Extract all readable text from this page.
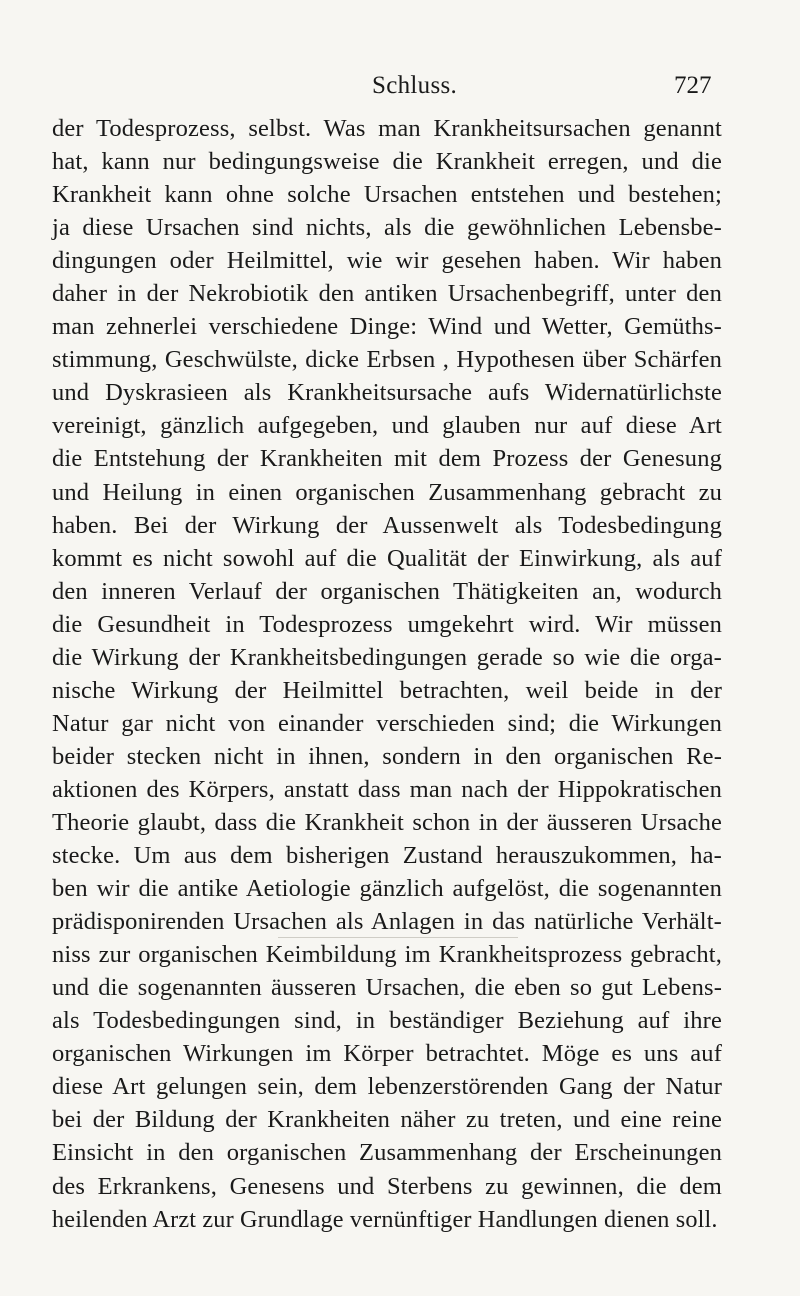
Schluss.	727
der Todesprozess, selbst. Was man Krankheitsursachen genannt
hat, kann nur bedingungsweise die Krankheit erregen, und die
Krankheit kann ohne solche Ursachen entstehen und bestehen;
ja diese Ursachen sind nichts, als die gewöhnlichen Lebensbe-
dingungen oder Heilmittel, wie wir gesehen haben. Wir haben
daher in der Nekrobiotik den antiken Ursachenbegriff, unter den
man zehnerlei verschiedene Dinge: Wind und Wetter, Gemüths-
stimmung, Geschwülste, dicke Erbsen , Hypothesen über Schärfen
und Dyskrasieen als Krankheitsursache aufs Widernatürlichste
vereinigt, gänzlich aufgegeben, und glauben nur auf diese Art
die Entstehung der Krankheiten mit dem Prozess der Genesung
und Heilung in einen organischen Zusammenhang gebracht zu
haben. Bei der Wirkung der Aussenwelt als Todesbedingung
kommt es nicht sowohl auf die Qualität der Einwirkung, als auf
den inneren Verlauf der organischen Thätigkeiten an, wodurch
die Gesundheit in Todesprozess umgekehrt wird. Wir müssen
die Wirkung der Krankheitsbedingungen gerade so wie die orga-
nische Wirkung der Heilmittel betrachten, weil beide in der
Natur gar nicht von einander verschieden sind; die Wirkungen
beider stecken nicht in ihnen, sondern in den organischen Re-
aktionen des Körpers, anstatt dass man nach der Hippokratischen
Theorie glaubt, dass die Krankheit schon in der äusseren Ursache
stecke. Um aus dem bisherigen Zustand herauszukommen, ha-
ben wir die antike Aetiologie gänzlich aufgelöst, die sogenannten
prädisponirenden Ursachen als Anlagen in das natürliche Verhält-
niss zur organischen Keimbildung im Krankheitsprozess gebracht,
und die sogenannten äusseren Ursachen, die eben so gut Lebens-
als Todesbedingungen sind, in beständiger Beziehung auf ihre
organischen Wirkungen im Körper betrachtet. Möge es uns auf
diese Art gelungen sein, dem lebenzerstörenden Gang der Natur
bei der Bildung der Krankheiten näher zu treten, und eine reine
Einsicht in den organischen Zusammenhang der Erscheinungen
des Erkrankens, Genesens und Sterbens zu gewinnen, die dem
heilenden Arzt zur Grundlage vernünftiger Handlungen dienen soll.
